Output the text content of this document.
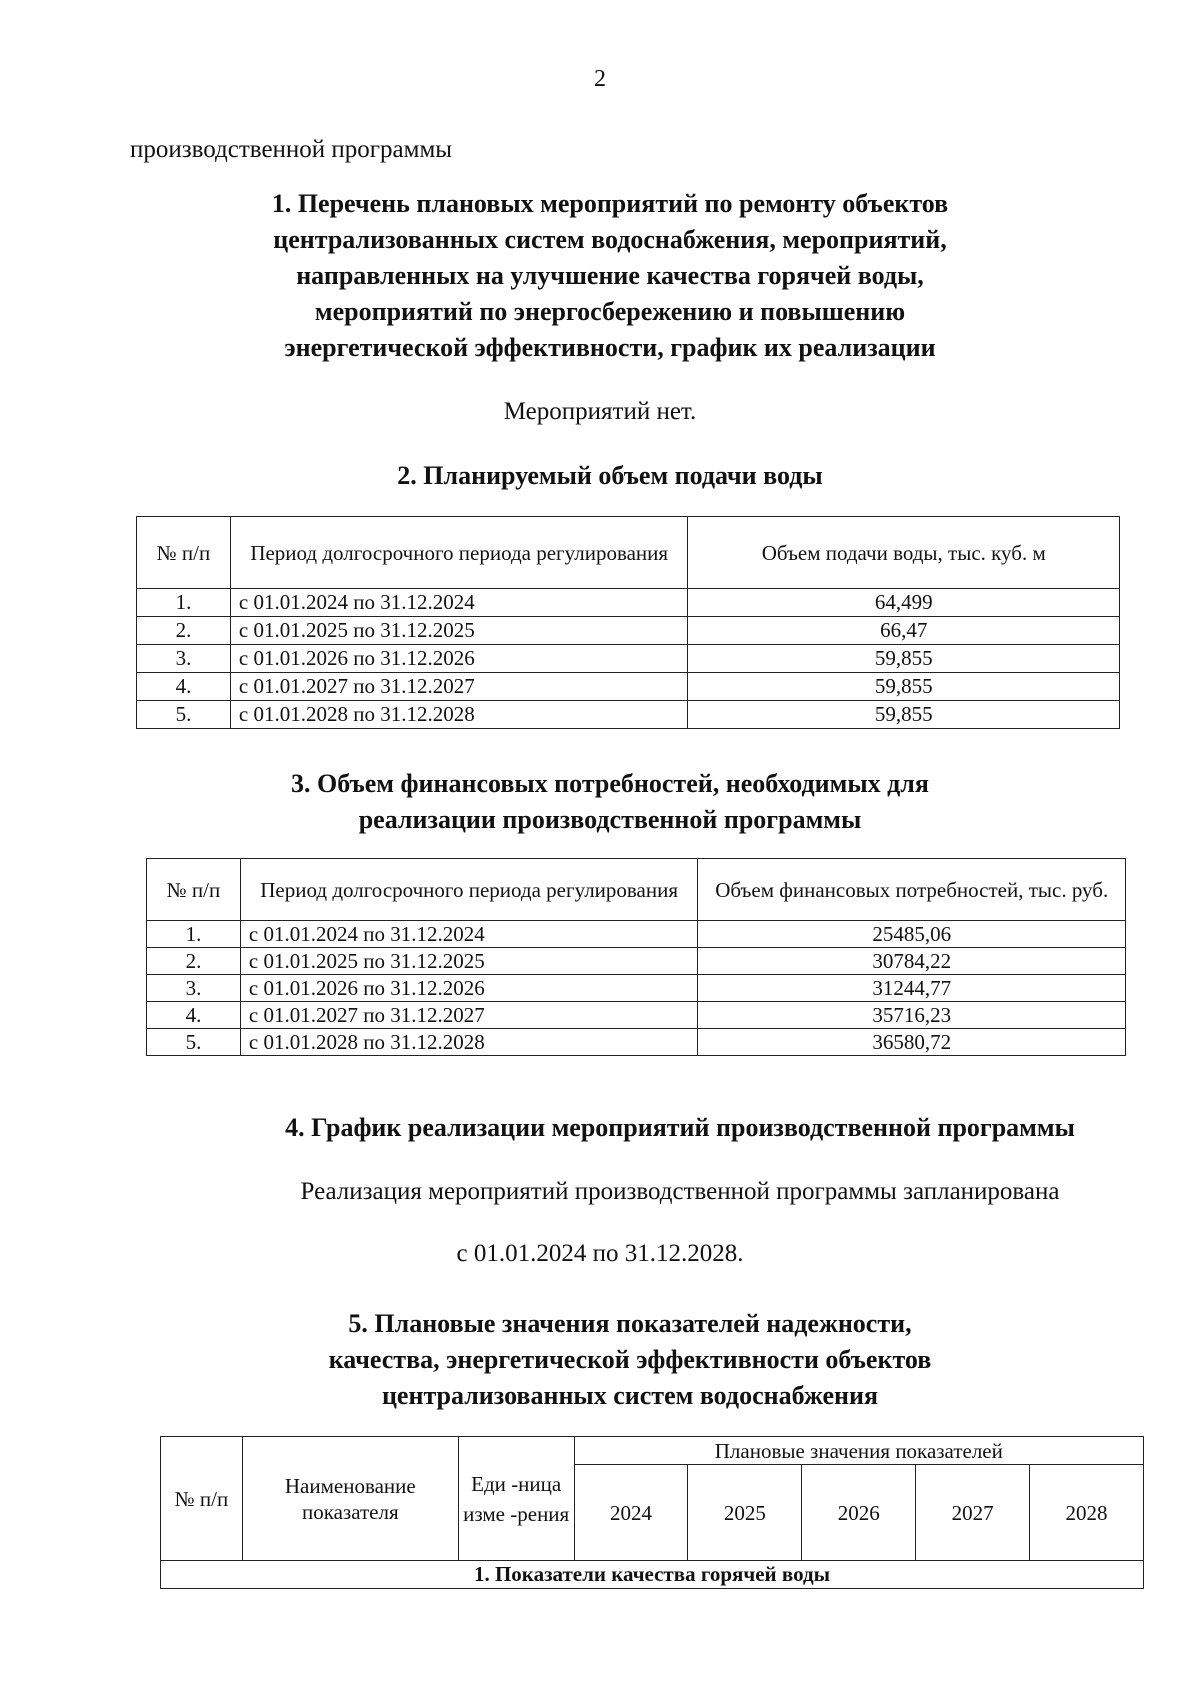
2
производственной программы
1. Перечень плановых мероприятий по ремонту объектов
централизованных систем водоснабжения, мероприятий,
направленных на улучшение качества горячей воды,
мероприятий по энергосбережению и повышению
энергетической эффективности, график их реализации
Мероприятий нет.
2. Планируемый объем подачи воды
№ п/п	Период долгосрочного периода регулирования	Объем подачи воды, тыс. куб. м
1.	с 01.01.2024 по 31.12.2024	64,499
2.	с 01.01.2025 по 31.12.2025	66,47
3.	с 01.01.2026 по 31.12.2026	59,855
4.	с 01.01.2027 по 31.12.2027	59,855
5.	с 01.01.2028 по 31.12.2028	59,855
3. Объем финансовых потребностей, необходимых для
реализации производственной программы
№ п/п	Период долгосрочного периода регулирования	Объем финансовых потребностей, тыс. руб.
1.	с 01.01.2024 по 31.12.2024	25485,06
2.	с 01.01.2025 по 31.12.2025	30784,22
3.	с 01.01.2026 по 31.12.2026	31244,77
4.	с 01.01.2027 по 31.12.2027	35716,23
5.	с 01.01.2028 по 31.12.2028	36580,72
4. График реализации мероприятий производственной программы
Реализация мероприятий производственной программы запланирована
с 01.01.2024 по 31.12.2028.
5. Плановые значения показателей надежности,
качества, энергетической эффективности объектов
централизованных систем водоснабжения
№ п/п	Наименование показателя	Еди -ница изме -рения	Плановые значения показателей				
			2024	2025	2026	2027	2028
1. Показатели качества горячей воды							
